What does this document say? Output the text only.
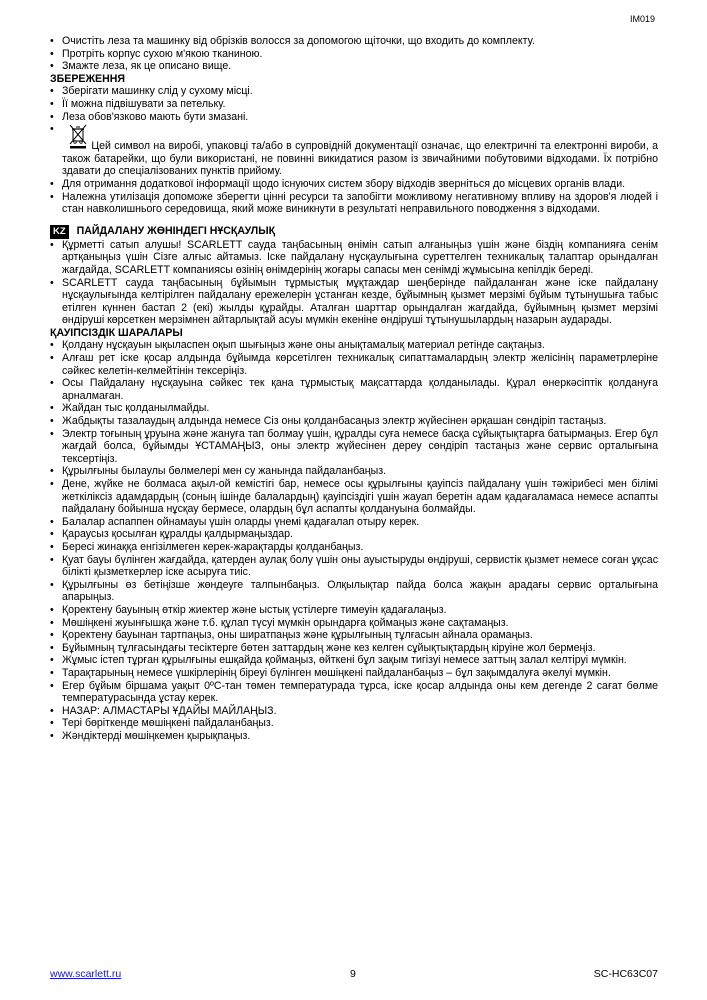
IM019
• Очистіть леза та машинку від обрізків волосся за допомогою щіточки, що входить до комплекту.
• Протріть корпус сухою м'якою тканиною.
• Змажте леза, як це описано вище.
ЗБЕРЕЖЕННЯ
• Зберігати машинку слід у сухому місці.
• Її можна підвішувати за петельку.
• Леза обов'язково мають бути змазані.
• Цей символ на виробі, упаковці та/або в супровідній документації означає, що електричні та електронні вироби, а також батарейки, що були використані, не повинні викидатися разом із звичайними побутовими відходами. Їх потрібно здавати до спеціалізованих пунктів прийому.
• Для отримання додаткової інформації щодо існуючих систем збору відходів зверніться до місцевих органів влади.
• Належна утилізація допоможе зберегти цінні ресурси та запобігти можливому негативному впливу на здоров'я людей і стан навколишнього середовища, який може виникнути в результаті неправильного поводження з відходами.
KZ ПАЙДАЛАНУ ЖӨНІНДЕГІ НҰСҚАУЛЫҚ
• Құрметті сатып алушы! SCARLETT сауда таңбасының өнімін сатып алғаныңыз үшін және біздің компанияға сенім артқаныңыз үшін Сізге алғыс айтамыз. Іске пайдалану нұсқаулығына суреттелген техникалық талаптар орындалған жағдайда, SCARLETT компаниясы өзінің өнімдерінің жоғары сапасы мен сенімді жұмысына кепілдік береді.
• SCARLETT сауда таңбасының бұйымын тұрмыстық мұқтаждар шеңберінде пайдаланған және іске пайдалану нұсқаулығында келтірілген пайдалану ережелерін ұстанған кезде, бұйымның қызмет мерзімі бұйым тұтынушыға табыс етілген күннен бастап 2 (екі) жылды құрайды. Аталған шарттар орындалған жағдайда, бұйымның қызмет мерзімі өндіруші көрсеткен мерзімнен айтарлықтай асуы мүмкін екеніне өндіруші тұтынушылардың назарын аударады.
ҚАУІПСІЗДІК ШАРАЛАРЫ
• Қолдану нұсқауын ықыласпен оқып шығыңыз және оны анықтамалық материал ретінде сақтаңыз.
• Алғаш рет іске қосар алдында бұйымда көрсетілген техникалық сипаттамалардың электр желісінің параметрлеріне сәйкес келетін-келмейтінін тексеріңіз.
• Осы Пайдалану нұсқауына сәйкес тек қана тұрмыстық мақсаттарда қолданылады. Құрал өнеркәсіптік қолдануға арналмаған.
• Жайдан тыс қолданылмайды.
• Жабдықты тазалаудың алдында немесе Сіз оны қолданбасаңыз электр жүйесінен әрқашан сөндіріп тастаңыз.
• Электр тоғының ұруына және жануға тап болмау үшін, құралды суға немесе басқа сұйықтықтарға батырмаңыз. Егер бұл жағдай болса, бұйымды ҰСТАМАҢЫЗ, оны электр жүйесінен дереу сөндіріп тастаңыз және сервис орталығына тексертіңіз.
• Құрылғыны былаулы бөлмелері мен су жанында пайдаланбаңыз.
• Дене, жүйке не болмаса ақыл-ой кемістігі бар, немесе осы құрылғыны қауіпсіз пайдалану үшін тәжірибесі мен білімі жеткіліксіз адамдардың (соның ішінде балалардың) қауіпсіздігі үшін жауап беретін адам қадағаламаса немесе аспапты пайдалану бойынша нұсқау бермесе, олардың бұл аспапты қолдануына болмайды.
• Балалар аспаппен ойнамауы үшін оларды үнемі қадағалап отыру керек.
• Қараусыз қосылған құралды қалдырмаңыздар.
• Бересі жинаққа енгізілмеген керек-жарақтарды қолданбаңыз.
• Қуат бауы бүлінген жағдайда, қатерден аулақ болу үшін оны ауыстыруды өндіруші, сервистік қызмет немесе соған ұқсас білікті қызметкерлер іске асыруға тиіс.
• Құрылғыны өз бетіңізше жөндеуге талпынбаңыз. Олқылықтар пайда болса жақын арадағы сервис орталығына апарыңыз.
• Қоректену бауының өткір жиектер және ыстық үстілерге тимеуін қадағалаңыз.
• Мөшіңкені жуынғышқа және т.б. құлап түсуі мүмкін орындарға қоймаңыз және сақтамаңыз.
• Қоректену бауынан тартпаңыз, оны ширатпаңыз және құрылғының тұлғасын айнала орамаңыз.
• Бұйымның тұлғасындағы тесіктерге бөтен заттардың және кез келген сұйықтықтардың кіруіне жол бермеңіз.
• Жұмыс істеп тұрған құрылғыны ешқайда қоймаңыз, өйткені бұл зақым тигізуі немесе заттың залал келтіруі мүмкін.
• Тарақтарының немесе үшкірлерінің біреуі бүлінген мөшіңкені пайдаланбаңыз – бұл зақымдалуға әкелуі мүмкін.
• Егер бұйым біршама уақыт 0ºC-тан төмен температурада тұрса, іске қосар алдында оны кем дегенде 2 сағат бөлме температурасында ұстау керек.
• НАЗАР: АЛМАСТАРЫ ҰДАЙЫ МАЙЛАҢЫЗ.
• Терi бөріткенде мөшіңкені пайдаланбаңыз.
• Жәндіктерді мөшіңкемен қырықпаңыз.
www.scarlett.ru	9	SC-HC63C07
